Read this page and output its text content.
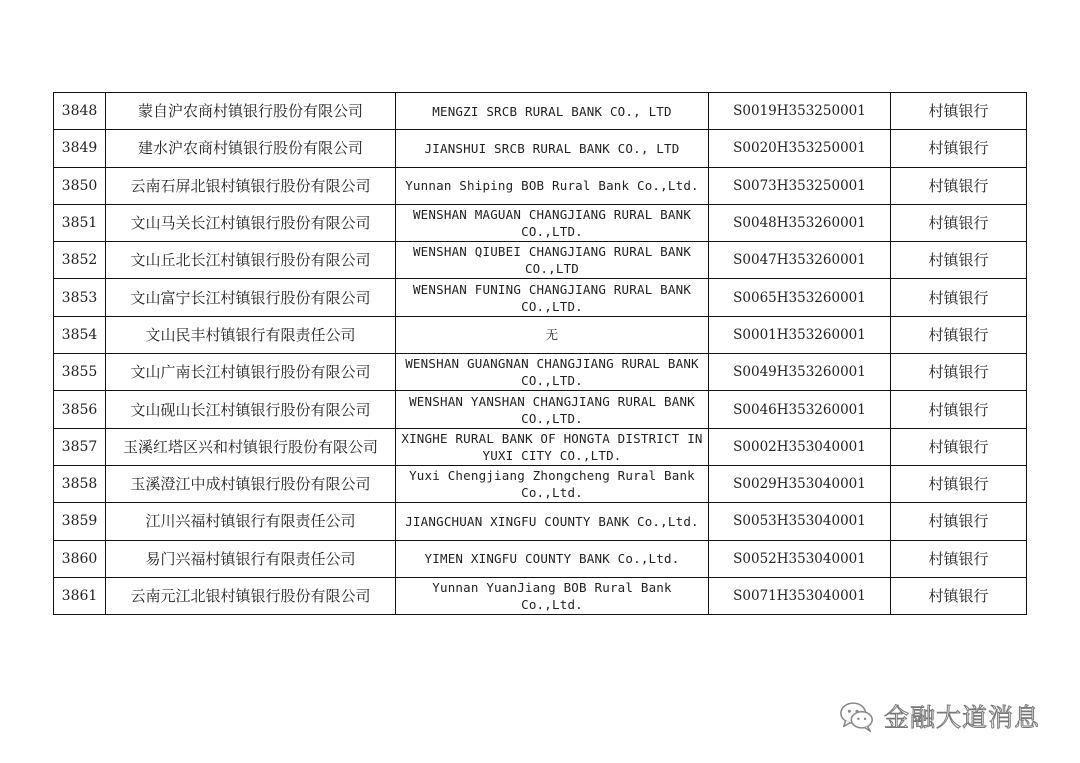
3848	蒙自沪农商村镇银行股份有限公司	MENGZI SRCB RURAL BANK CO., LTD	S0019H353250001	村镇银行
3849	建水沪农商村镇银行股份有限公司	JIANSHUI SRCB RURAL BANK CO., LTD	S0020H353250001	村镇银行
3850	云南石屏北银村镇银行股份有限公司	Yunnan Shiping BOB Rural Bank Co.,Ltd.	S0073H353250001	村镇银行
3851	文山马关长江村镇银行股份有限公司	WENSHAN MAGUAN CHANGJIANG RURAL BANK CO.,LTD.	S0048H353260001	村镇银行
3852	文山丘北长江村镇银行股份有限公司	WENSHAN QIUBEI CHANGJIANG RURAL BANK CO.,LTD	S0047H353260001	村镇银行
3853	文山富宁长江村镇银行股份有限公司	WENSHAN FUNING CHANGJIANG RURAL BANK CO.,LTD.	S0065H353260001	村镇银行
3854	文山民丰村镇银行有限责任公司	无	S0001H353260001	村镇银行
3855	文山广南长江村镇银行股份有限公司	WENSHAN GUANGNAN CHANGJIANG RURAL BANK CO.,LTD.	S0049H353260001	村镇银行
3856	文山砚山长江村镇银行股份有限公司	WENSHAN YANSHAN CHANGJIANG RURAL BANK CO.,LTD.	S0046H353260001	村镇银行
3857	玉溪红塔区兴和村镇银行股份有限公司	XINGHE RURAL BANK OF HONGTA DISTRICT IN YUXI CITY CO.,LTD.	S0002H353040001	村镇银行
3858	玉溪澄江中成村镇银行股份有限公司	Yuxi Chengjiang Zhongcheng Rural Bank Co.,Ltd.	S0029H353040001	村镇银行
3859	江川兴福村镇银行有限责任公司	JIANGCHUAN XINGFU COUNTY BANK Co.,Ltd.	S0053H353040001	村镇银行
3860	易门兴福村镇银行有限责任公司	YIMEN XINGFU COUNTY BANK Co.,Ltd.	S0052H353040001	村镇银行
3861	云南元江北银村镇银行股份有限公司	Yunnan YuanJiang BOB Rural Bank Co.,Ltd.	S0071H353040001	村镇银行
金融大道消息
